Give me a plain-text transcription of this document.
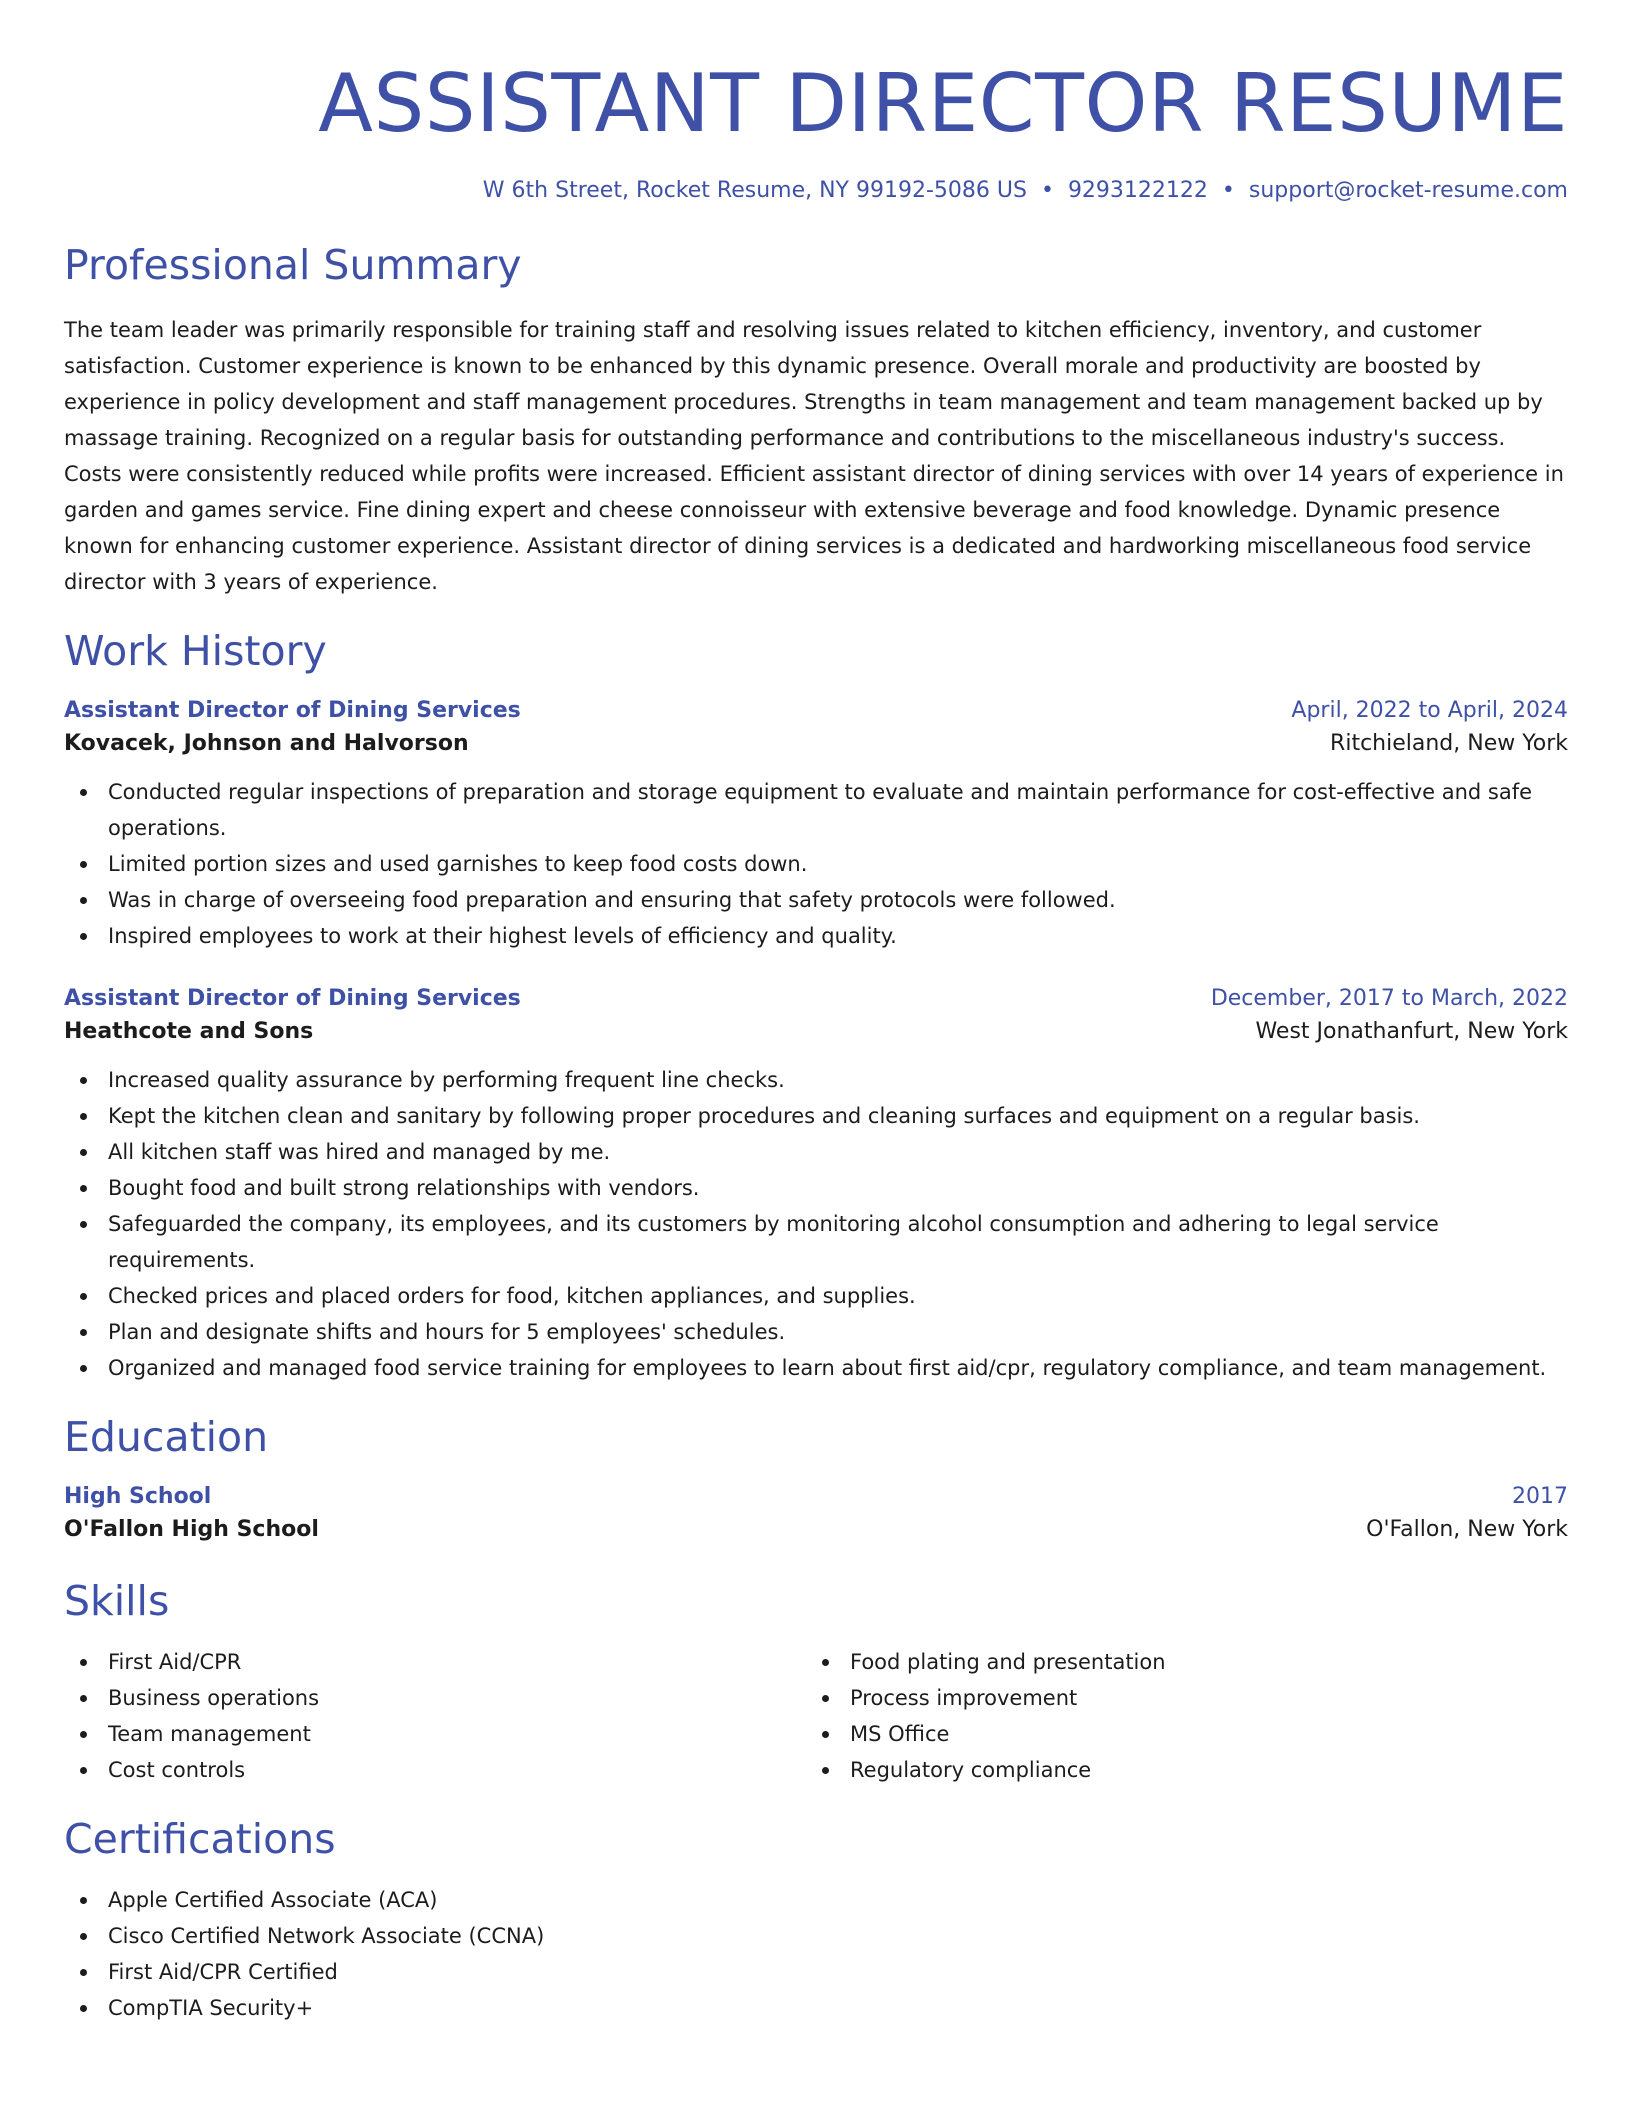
ASSISTANT DIRECTOR RESUME
W 6th Street, Rocket Resume, NY 99192-5086 US • 9293122122 • support@rocket-resume.com
Professional Summary

The team leader was primarily responsible for training staff and resolving issues related to kitchen efficiency, inventory, and customer satisfaction. Customer experience is known to be enhanced by this dynamic presence. Overall morale and productivity are boosted by experience in policy development and staff management procedures. Strengths in team management and team management backed up by massage training. Recognized on a regular basis for outstanding performance and contributions to the miscellaneous industry's success. Costs were consistently reduced while profits were increased. Efficient assistant director of dining services with over 14 years of experience in garden and games service. Fine dining expert and cheese connoisseur with extensive beverage and food knowledge. Dynamic presence known for enhancing customer experience. Assistant director of dining services is a dedicated and hardworking miscellaneous food service director with 3 years of experience.

Work History
Assistant Director of Dining Services	April, 2022 to April, 2024
Kovacek, Johnson and Halvorson	Ritchieland, New York
Conducted regular inspections of preparation and storage equipment to evaluate and maintain performance for cost-effective and safe operations.
Limited portion sizes and used garnishes to keep food costs down.
Was in charge of overseeing food preparation and ensuring that safety protocols were followed.
Inspired employees to work at their highest levels of efficiency and quality.
Assistant Director of Dining Services	December, 2017 to March, 2022
Heathcote and Sons	West Jonathanfurt, New York
Increased quality assurance by performing frequent line checks.
Kept the kitchen clean and sanitary by following proper procedures and cleaning surfaces and equipment on a regular basis.
All kitchen staff was hired and managed by me.
Bought food and built strong relationships with vendors.
Safeguarded the company, its employees, and its customers by monitoring alcohol consumption and adhering to legal service requirements.
Checked prices and placed orders for food, kitchen appliances, and supplies.
Plan and designate shifts and hours for 5 employees' schedules.
Organized and managed food service training for employees to learn about first aid/cpr, regulatory compliance, and team management.
Education
High School	2017
O'Fallon High School	O'Fallon, New York
Skills
First Aid/CPR
Business operations
Team management
Cost controls
Food plating and presentation
Process improvement
MS Office
Regulatory compliance
Certifications
Apple Certified Associate (ACA)
Cisco Certified Network Associate (CCNA)
First Aid/CPR Certified
CompTIA Security+
